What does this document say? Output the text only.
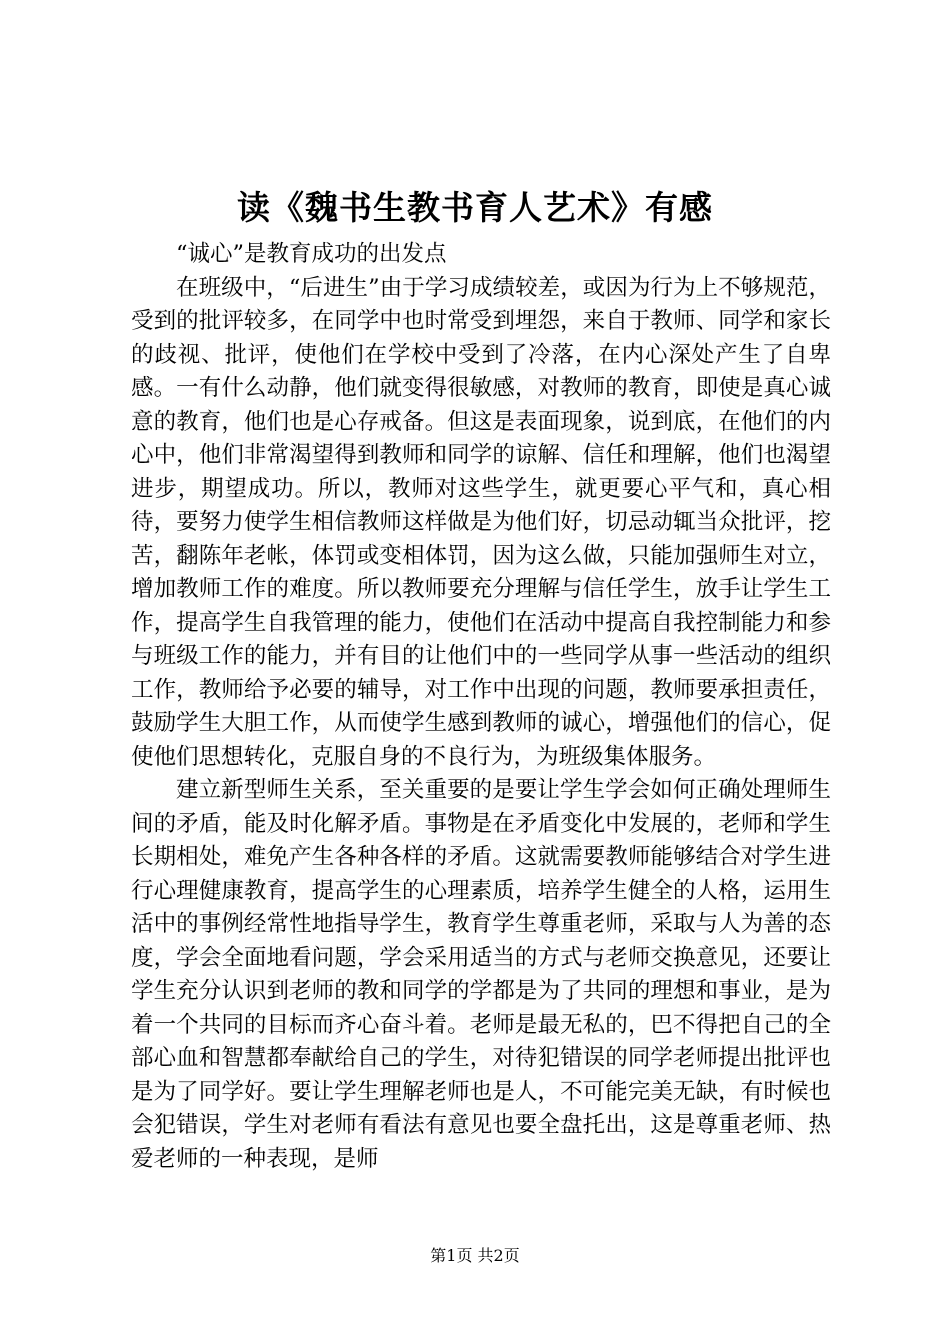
读《魏书生教书育人艺术》有感

“诚心”是教育成功的出发点

在班级中，“后进生”由于学习成绩较差，或因为行为上不够规范，受到的批评较多，在同学中也时常受到埋怨，来自于教师、同学和家长的歧视、批评，使他们在学校中受到了冷落，在内心深处产生了自卑感。一有什么动静，他们就变得很敏感，对教师的教育，即使是真心诚意的教育，他们也是心存戒备。但这是表面现象，说到底，在他们的内心中，他们非常渴望得到教师和同学的谅解、信任和理解，他们也渴望进步，期望成功。所以，教师对这些学生，就更要心平气和，真心相待，要努力使学生相信教师这样做是为他们好，切忌动辄当众批评，挖苦，翻陈年老帐，体罚或变相体罚，因为这么做，只能加强师生对立，增加教师工作的难度。所以教师要充分理解与信任学生，放手让学生工作，提高学生自我管理的能力，使他们在活动中提高自我控制能力和参与班级工作的能力，并有目的让他们中的一些同学从事一些活动的组织工作，教师给予必要的辅导，对工作中出现的问题，教师要承担责任，鼓励学生大胆工作，从而使学生感到教师的诚心，增强他们的信心，促使他们思想转化，克服自身的不良行为，为班级集体服务。

建立新型师生关系，至关重要的是要让学生学会如何正确处理师生间的矛盾，能及时化解矛盾。事物是在矛盾变化中发展的，老师和学生长期相处，难免产生各种各样的矛盾。这就需要教师能够结合对学生进行心理健康教育，提高学生的心理素质，培养学生健全的人格，运用生活中的事例经常性地指导学生，教育学生尊重老师，采取与人为善的态度，学会全面地看问题，学会采用适当的方式与老师交换意见，还要让学生充分认识到老师的教和同学的学都是为了共同的理想和事业，是为着一个共同的目标而齐心奋斗着。老师是最无私的，巴不得把自己的全部心血和智慧都奉献给自己的学生，对待犯错误的同学老师提出批评也是为了同学好。要让学生理解老师也是人，不可能完美无缺，有时候也会犯错误，学生对老师有看法有意见也要全盘托出，这是尊重老师、热爱老师的一种表现，是师

第1页 共2页
